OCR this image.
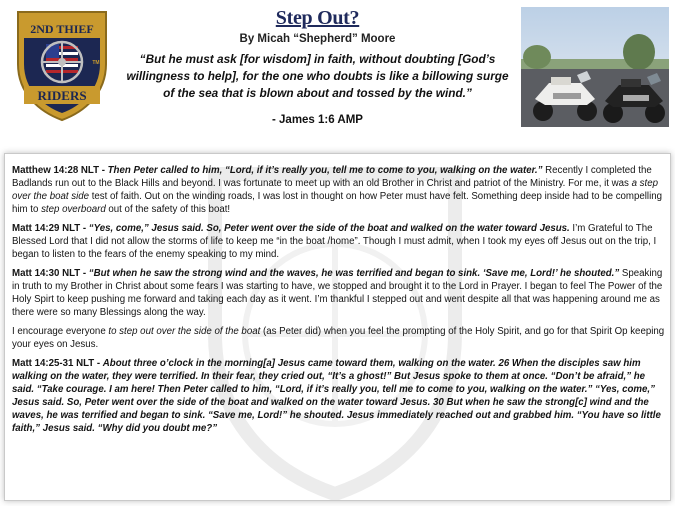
2ND THIEF
RIDERS
TM
Step Out?
By Micah “Shepherd” Moore
“But he must ask [for wisdom] in faith, without doubting [God’s willingness to help], for the one who doubts is like a billowing surge of the sea that is blown about and tossed by the wind.”
- James 1:6 AMP

Matthew 14:28 NLT - Then Peter called to him, “Lord, if it’s really you, tell me to come to you, walking on the water.” Recently I completed the Badlands run out to the Black Hills and beyond. I was fortunate to meet up with an old Brother in Christ and patriot of the Ministry. For me, it was a step over the boat side test of faith. Out on the winding roads, I was lost in thought on how Peter must have felt. Something deep inside had to be compelling him to step overboard out of the safety of this boat!

Matt 14:29 NLT - “Yes, come,” Jesus said. So, Peter went over the side of the boat and walked on the water toward Jesus. I’m Grateful to The Blessed Lord that I did not allow the storms of life to keep me “in the boat /home”. Though I must admit, when I took my eyes off Jesus out on the trip, I began to listen to the fears of the enemy speaking to my mind.

Matt 14:30 NLT - “But when he saw the strong wind and the waves, he was terrified and began to sink. ‘Save me, Lord!’ he shouted.” Speaking in truth to my Brother in Christ about some fears I was starting to have, we stopped and brought it to the Lord in Prayer. I began to feel The Power of the Holy Spirt to keep pushing me forward and taking each day as it went. I’m thankful I stepped out and went despite all that was happening around me as there were so many Blessings along the way.

I encourage everyone to step out over the side of the boat (as Peter did) when you feel the prompting of the Holy Spirit, and go for that Spirit Op keeping your eyes on Jesus.

Matt 14:25-31 NLT - About three o’clock in the morning[a] Jesus came toward them, walking on the water. 26 When the disciples saw him walking on the water, they were terrified. In their fear, they cried out, “It’s a ghost!” But Jesus spoke to them at once. “Don’t be afraid,” he said. “Take courage. I am here! Then Peter called to him, “Lord, if it’s really you, tell me to come to you, walking on the water.” “Yes, come,” Jesus said. So, Peter went over the side of the boat and walked on the water toward Jesus. 30 But when he saw the strong[c] wind and the waves, he was terrified and began to sink. “Save me, Lord!” he shouted. Jesus immediately reached out and grabbed him. “You have so little faith,” Jesus said. “Why did you doubt me?”
